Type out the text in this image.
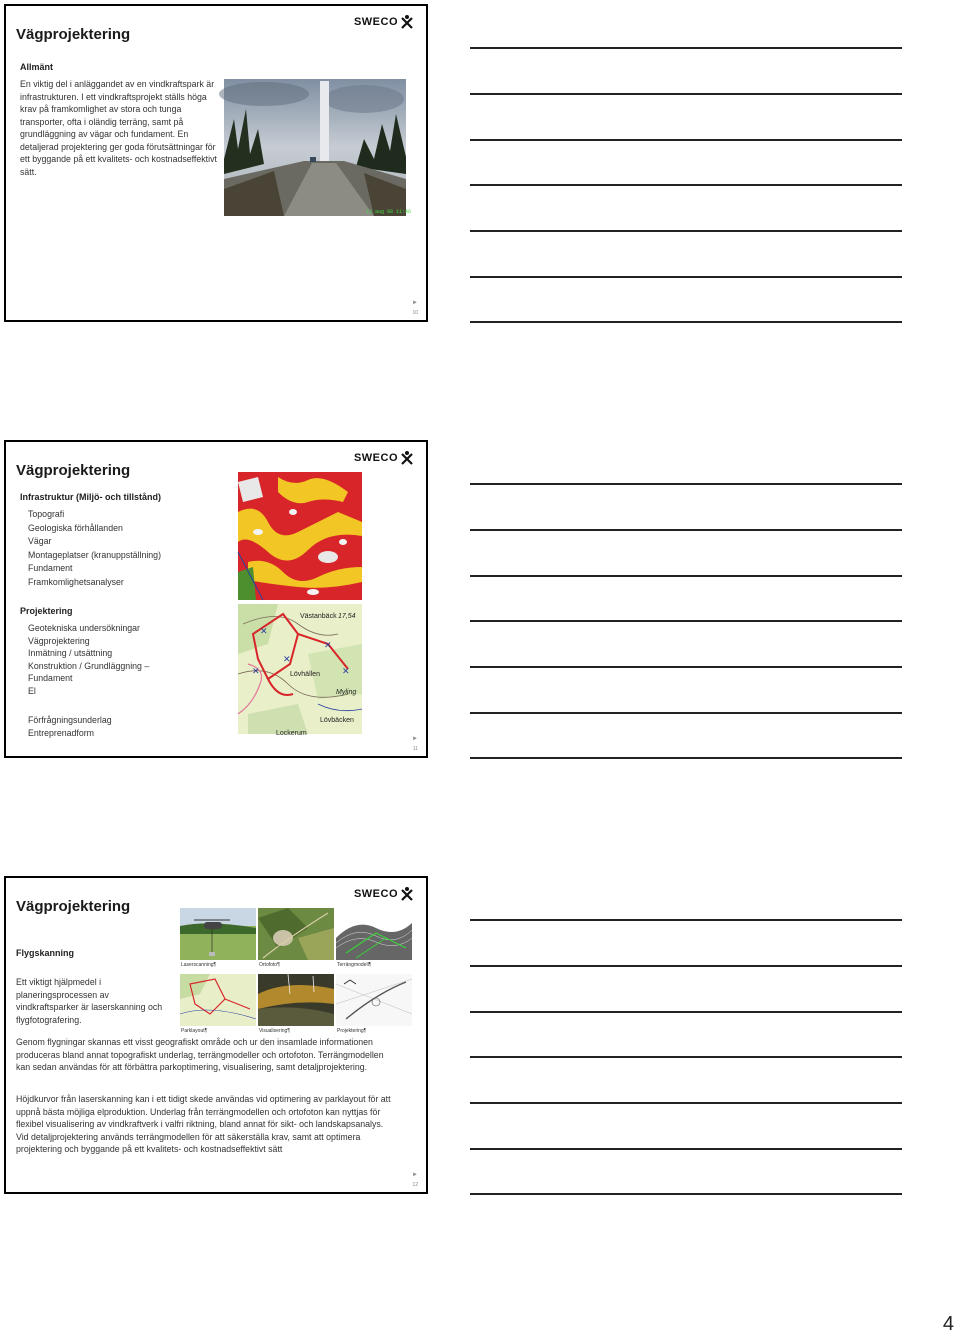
Vägprojektering
SWECO
Allmänt

En viktig del i anläggandet av en vindkraftspark är infrastrukturen. I ett vindkraftsprojekt ställs höga krav på framkomlighet av stora och tunga transporter, ofta i oländig terräng, samt på grundläggning av vägar och fundament. En detaljerad projektering ger goda förutsättningar för ett byggande på ett kvalitets- och kostnadseffektivt sätt.

13 aug 08 11:46
►
10
Vägprojektering
SWECO
Infrastruktur (Miljö- och tillstånd)
Topografi
Geologiska förhållanden
Vägar
Montageplatser (kranuppställning)
Fundament
Framkomlighetsanalyser
Projektering
Geotekniska undersökningar
Vägprojektering
Inmätning / utsättning
Konstruktion / Grundläggning –
Fundament
El
Förfrågningsunderlag
Entreprenadform
✕
✕
✕
✕	✕
Västanbäck 17,54
Lövhällen
Myling
Lövbäcken
Lockerum
►
11
Vägprojektering
SWECO
Flygskanning

Ett viktigt hjälpmedel i planeringsprocessen av vindkraftsparker är laserskanning och flygfotografering.

Genom flygningar skannas ett visst geografiskt område och ur den insamlade informationen produceras bland annat topografiskt underlag, terrängmodeller och ortofoton. Terrängmodellen kan sedan användas för att förbättra parkoptimering, visualisering, samt detaljprojektering.

Höjdkurvor från laserskanning kan i ett tidigt skede användas vid optimering av parklayout för att uppnå bästa möjliga elproduktion. Underlag från terrängmodellen och ortofoton kan nyttjas för flexibel visualisering av vindkraftverk i valfri riktning, bland annat för sikt- och landskapsanalys. Vid detaljprojektering används terrängmodellen för att säkerställa krav, samt att optimera projektering och byggande på ett kvalitets- och kostnadseffektivt sätt

Laserscanning¶	Ortofoto¶	Terrängmodell¶
Parklayout¶	Visualisering¶	Projektering¶
►
12
4
